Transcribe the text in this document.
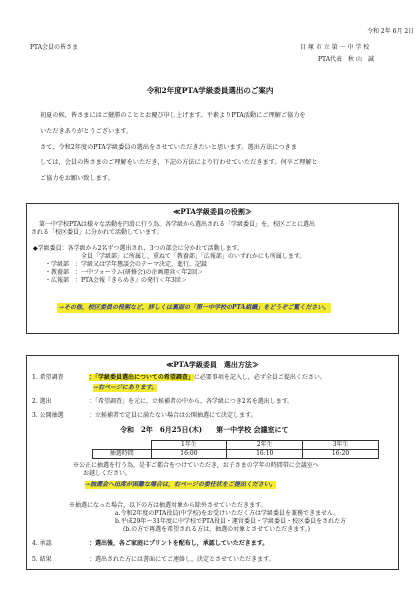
令和 2年 6月 2日
PTA会員の皆さま	目 塚 市 立 第 一 中 学 校
PTA代表　秋 山　誠
令和2年度PTA学級委員選出のご案内
初夏の候，皆さまにはご健勝のこととお慶び申し上げます。平素よりPTA活動にご理解ご協力を
いただきありがとうございます。
さて，令和2年度のPTA学級委員の選出をさせていただきたいと思います。選出方法につきま
しては，会員の皆さまのご理解をいただき，下記の方法により行わせていただきます。何卒ご理解と
ご協力をお願い致します。
≪PTA学級委員の役割≫
第一中学校PTAは様々な活動を円滑に行う為，各学級から選出される「学級委員」を，校区ごとに選出
される「校区委員」に分かれて活動しています。
◆学級委員：各学級から2名ずつ選出され，3つの部会に分かれて活動します。
全員「学級部」に所属し，重ねて「教養部」「広報部」のいずれかにも所属します。
・学級部　：学級又は学年懇談会のテーマ決定，進行，記録
・教養部　：一中フォーラム(研修会)の企画運営＜年2回＞
・広報部　：PTA会報『きらめき』の発行＜年3回＞
→その他，校区委員の役割など，詳しくは裏面の「第一中学校のPTA組織」をどうぞご覧ください。
≪PTA学級委員　選出方法≫
1. 希望調査	：「学級委員選出についての希望調査」に必要事項を記入し，必ず全員ご提出ください。
→右ページにあります。
2. 選出	：「希望調査」を元に，立候補者の中から，各学級につき2名を選出します。
3. 公開抽選	：立候補者で定員に満たない場合は公開抽選にて決定します。
令和　2年　6月25日(木)　　第一中学校 会議室にて
	1年生	2年生	3年生
抽選時間	16:00	16:10	16:20
※公正に抽選を行う為，是非ご都合をつけていただき，お子さまの学年の時間帯に会議室へ
お越しください。
→抽選会へ出席が困難な場合は，右ページの委任状をご提出ください。
※抽選になった場合，以下の方は抽選対象から除外させていただきます。
a.令和2年度のPTA役員(中学校)をお受けいただく方は学級委員を兼務できません。
b.平成29年〜31年度に中学校でPTA役員・運営委員・学級委員・校区委員をされた方
(b.の方で再選を希望される方は，抽選の対象とさせていただきます。)
4. 承認	：選出後，各ご家庭にプリントを配布し，承認していただきます。
5. 結果	：選出された方には書面にてご連絡し，決定とさせていただきます。
